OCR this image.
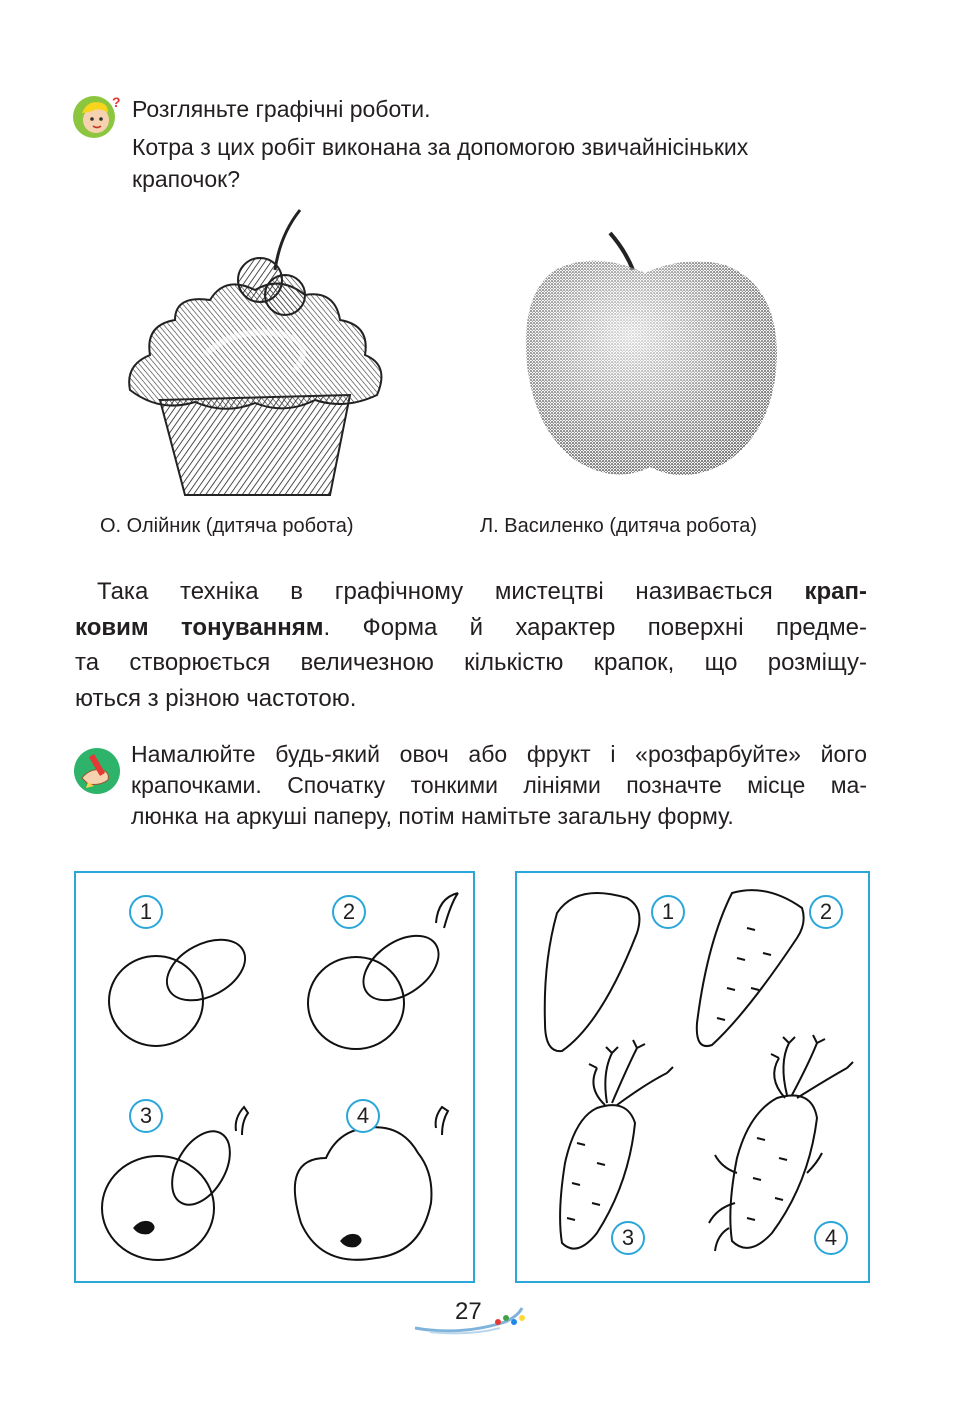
? Розгляньте графічні роботи.
Котра з цих робіт виконана за допомогою звичайнісіньких
крапочок?
О. Олійник (дитяча робота)	Л. Василенко (дитяча робота)
Така техніка в графічному мистецтві називається крап-
ковим тонуванням. Форма й характер поверхні предме-
та створюється величезною кількістю крапок, що розміщу-
ються з різною частотою.
Намалюйте будь-який овоч або фрукт і «розфарбуйте» його
крапочками. Спочатку тонкими лініями позначте місце ма-
люнка на аркуші паперу, потім намітьте загальну форму.
1	2
3	4
1	2
3	4
27
